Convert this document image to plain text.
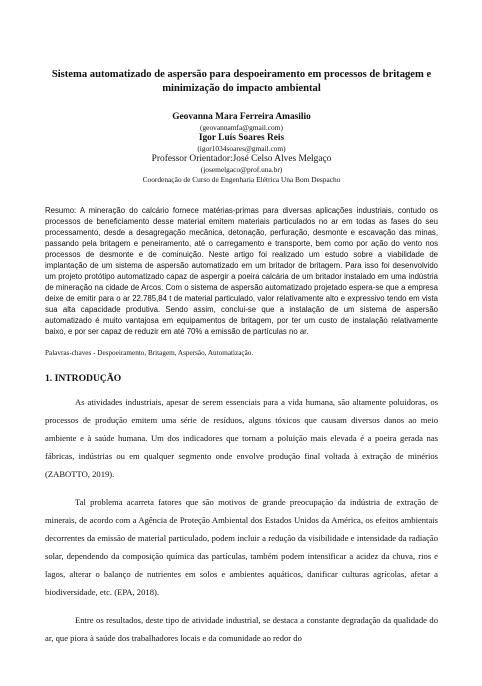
Sistema automatizado de aspersão para despoeiramento em processos de britagem e minimização do impacto ambiental
Geovanna Mara Ferreira Amasilio
(geovannamfa@gmail.com)
Igor Luís Soares Reis
(igor1034soares@gmail.com)
Professor Orientador:José Celso Alves Melgaço
(josemelgaco@prof.una.br)
Coordenação de Curso de Engenharia Elétrica Una Bom Despacho

Resumo: A mineração do calcário fornece matérias-primas para diversas aplicações industriais, contudo os processos de beneficiamento desse material emitem materiais particulados no ar em todas as fases do seu processamento, desde a desagregação mecânica, detonação, perfuração, desmonte e escavação das minas, passando pela britagem e peneiramento, até o carregamento e transporte, bem como por ação do vento nos processos de desmonte e de cominuição. Neste artigo foi realizado um estudo sobre a viabilidade de implantação de um sistema de aspersão automatizado em um britador de britagem. Para isso foi desenvolvido um projeto protótipo automatizado capaz de aspergir a poeira calcária de um britador instalado em uma indústria de mineração na cidade de Arcos. Com o sistema de aspersão automatizado projetado espera-se que a empresa deixe de emitir para o ar 22.785,84 t de material particulado, valor relativamente alto e expressivo tendo em vista sua alta capacidade produtiva. Sendo assim, conclui-se que a instalação de um sistema de aspersão automatizado é muito vantajosa em equipamentos de britagem, por ter um custo de instalação relativamente baixo, e por ser capaz de reduzir em até 70% a emissão de partículas no ar.

Palavras-chaves - Despoeiramento, Britagem, Aspersão, Automatização.
1. INTRODUÇÃO

As atividades industriais, apesar de serem essenciais para a vida humana, são altamente poluidoras, os processos de produção emitem uma série de resíduos, alguns tóxicos que causam diversos danos ao meio ambiente e à saúde humana. Um dos indicadores que tornam a poluição mais elevada é a poeira gerada nas fábricas, indústrias ou em qualquer segmento onde envolve produção final voltada à extração de minérios (ZABOTTO, 2019).

Tal problema acarreta fatores que são motivos de grande preocupação da indústria de extração de minerais, de acordo com a Agência de Proteção Ambiental dos Estados Unidos da América, os efeitos ambientais decorrentes da emissão de material particulado, podem incluir a redução da visibilidade e intensidade da radiação solar, dependendo da composição química das partículas, também podem intensificar a acidez da chuva, rios e lagos, alterar o balanço de nutrientes em solos e ambientes aquáticos, danificar culturas agrícolas, afetar a biodiversidade, etc. (EPA, 2018).

Entre os resultados, deste tipo de atividade industrial, se destaca a constante degradação da qualidade do ar, que piora à saúde dos trabalhadores locais e da comunidade ao redor do
